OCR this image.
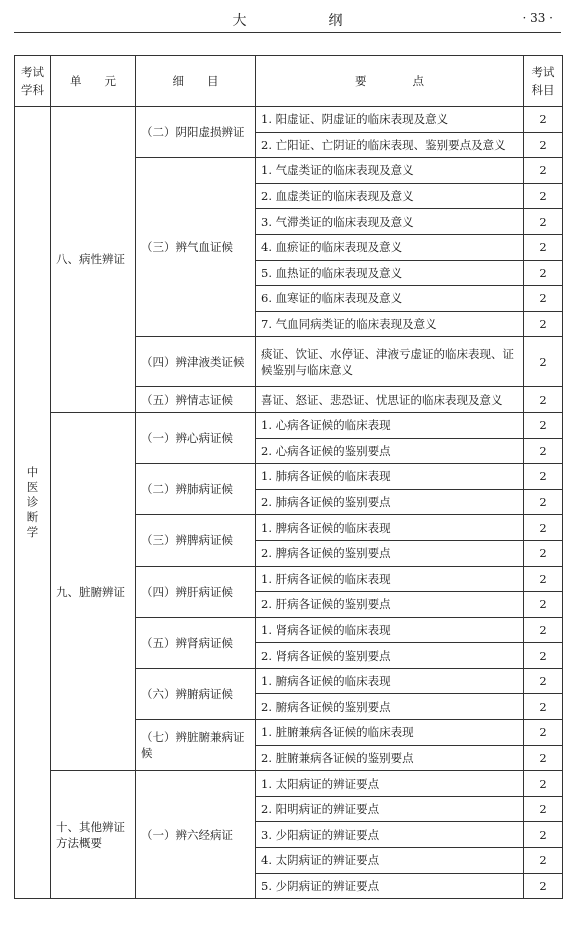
大　纲	· 33 ·
考试
学科	单　　元	细　　目	要　　　　点	考试
科目

中
医
诊
断
学	八、病性辨证	（二）阴阳虚损辨证	1. 阳虚证、阴虚证的临床表现及意义	2
			2. 亡阳证、亡阴证的临床表现、鉴别要点及意义	2
		（三）辨气血证候	1. 气虚类证的临床表现及意义	2
			2. 血虚类证的临床表现及意义	2
			3. 气滞类证的临床表现及意义	2
			4. 血瘀证的临床表现及意义	2
			5. 血热证的临床表现及意义	2
			6. 血寒证的临床表现及意义	2
			7. 气血同病类证的临床表现及意义	2
		（四）辨津液类证候	痰证、饮证、水停证、津液亏虚证的临床表现、证候鉴别与临床意义	2
		（五）辨情志证候	喜证、怒证、悲恐证、忧思证的临床表现及意义	2
	九、脏腑辨证	（一）辨心病证候	1. 心病各证候的临床表现	2
			2. 心病各证候的鉴别要点	2
		（二）辨肺病证候	1. 肺病各证候的临床表现	2
			2. 肺病各证候的鉴别要点	2
		（三）辨脾病证候	1. 脾病各证候的临床表现	2
			2. 脾病各证候的鉴别要点	2
		（四）辨肝病证候	1. 肝病各证候的临床表现	2
			2. 肝病各证候的鉴别要点	2
		（五）辨肾病证候	1. 肾病各证候的临床表现	2
			2. 肾病各证候的鉴别要点	2
		（六）辨腑病证候	1. 腑病各证候的临床表现	2
			2. 腑病各证候的鉴别要点	2
		（七）辨脏腑兼病证候	1. 脏腑兼病各证候的临床表现	2
			2. 脏腑兼病各证候的鉴别要点	2
	十、其他辨证方法概要	（一）辨六经病证	1. 太阳病证的辨证要点	2
			2. 阳明病证的辨证要点	2
			3. 少阳病证的辨证要点	2
			4. 太阴病证的辨证要点	2
			5. 少阴病证的辨证要点	2
